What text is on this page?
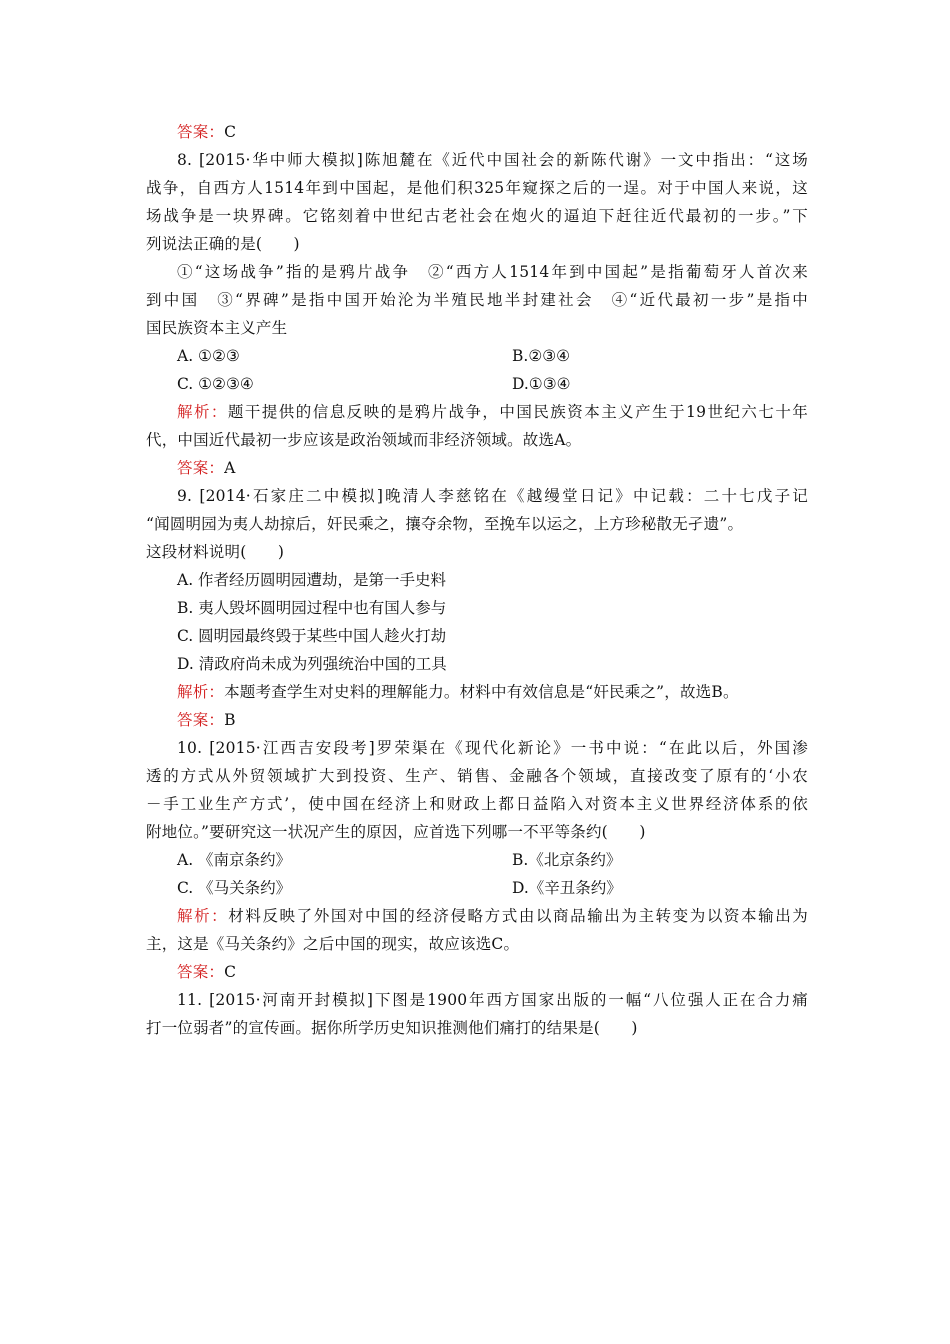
答案：C
8. [2015·华中师大模拟]陈旭麓在《近代中国社会的新陈代谢》一文中指出：“这场
战争，自西方人1514年到中国起，是他们积325年窥探之后的一逞。对于中国人来说，这
场战争是一块界碑。它铭刻着中世纪古老社会在炮火的逼迫下赶往近代最初的一步。”下
列说法正确的是(　　)
①“这场战争”指的是鸦片战争　②“西方人1514年到中国起”是指葡萄牙人首次来
到中国　③“界碑”是指中国开始沦为半殖民地半封建社会　④“近代最初一步”是指中
国民族资本主义产生
A. ①②③	B.②③④
C. ①②③④	D.①③④
解析：题干提供的信息反映的是鸦片战争，中国民族资本主义产生于19世纪六七十年
代，中国近代最初一步应该是政治领域而非经济领域。故选A。
答案：A
9. [2014·石家庄二中模拟]晚清人李慈铭在《越缦堂日记》中记载：二十七戊子记
“闻圆明园为夷人劫掠后，奸民乘之，攘夺余物，至挽车以运之，上方珍秘散无孑遗”。
这段材料说明(　　)
A. 作者经历圆明园遭劫，是第一手史料
B. 夷人毁坏圆明园过程中也有国人参与
C. 圆明园最终毁于某些中国人趁火打劫
D. 清政府尚未成为列强统治中国的工具
解析：本题考查学生对史料的理解能力。材料中有效信息是“奸民乘之”，故选B。
答案：B
10. [2015·江西吉安段考]罗荣渠在《现代化新论》一书中说：“在此以后，外国渗
透的方式从外贸领域扩大到投资、生产、销售、金融各个领域，直接改变了原有的‘小农
－手工业生产方式’，使中国在经济上和财政上都日益陷入对资本主义世界经济体系的依
附地位。”要研究这一状况产生的原因，应首选下列哪一不平等条约(　　)
A. 《南京条约》	B.《北京条约》
C. 《马关条约》	D.《辛丑条约》
解析：材料反映了外国对中国的经济侵略方式由以商品输出为主转变为以资本输出为
主，这是《马关条约》之后中国的现实，故应该选C。
答案：C
11. [2015·河南开封模拟]下图是1900年西方国家出版的一幅“八位强人正在合力痛
打一位弱者”的宣传画。据你所学历史知识推测他们痛打的结果是(　　)
